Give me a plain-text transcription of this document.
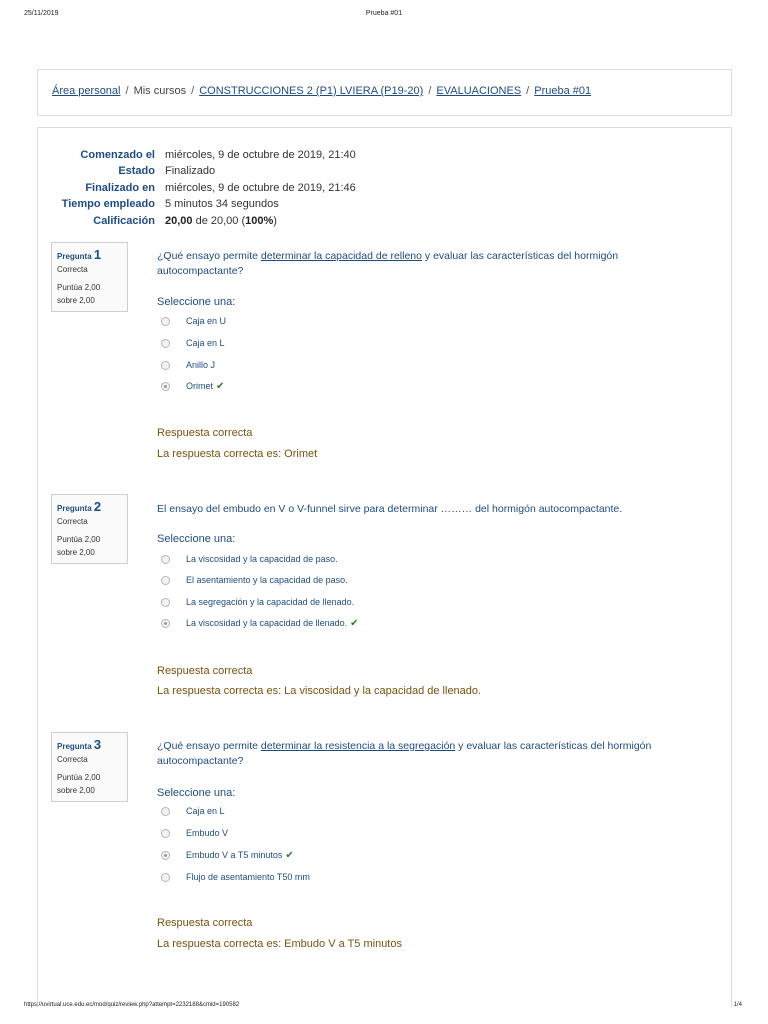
25/11/2019	Prueba #01
Área personal / Mis cursos / CONSTRUCCIONES 2 (P1) LVIERA (P19-20) / EVALUACIONES / Prueba #01
Comenzado el miércoles, 9 de octubre de 2019, 21:40
Estado Finalizado
Finalizado en miércoles, 9 de octubre de 2019, 21:46
Tiempo empleado 5 minutos 34 segundos
Calificación 20,00 de 20,00 (100%)
Pregunta 1
Correcta
Puntúa 2,00 sobre 2,00
¿Qué ensayo permite determinar la capacidad de relleno y evaluar las características del hormigón autocompactante?
Seleccione una:
Caja en U
Caja en L
Anillo J
Orimet ✔
Respuesta correcta
La respuesta correcta es: Orimet
Pregunta 2
Correcta
Puntúa 2,00 sobre 2,00
El ensayo del embudo en V o V-funnel sirve para determinar ……… del hormigón autocompactante.
Seleccione una:
La viscosidad y la capacidad de paso.
El asentamiento y la capacidad de paso.
La segregación y la capacidad de llenado.
La viscosidad y la capacidad de llenado. ✔
Respuesta correcta
La respuesta correcta es: La viscosidad y la capacidad de llenado.
Pregunta 3
Correcta
Puntúa 2,00 sobre 2,00
¿Qué ensayo permite determinar la resistencia a la segregación y evaluar las características del hormigón autocompactante?
Seleccione una:
Caja en L
Embudo V
Embudo V a T5 minutos ✔
Flujo de asentamiento T50 mm
Respuesta correcta
La respuesta correcta es: Embudo V a T5 minutos
https://uvirtual.uce.edu.ec/mod/quiz/review.php?attempt=2232188&cmid=190582	1/4
